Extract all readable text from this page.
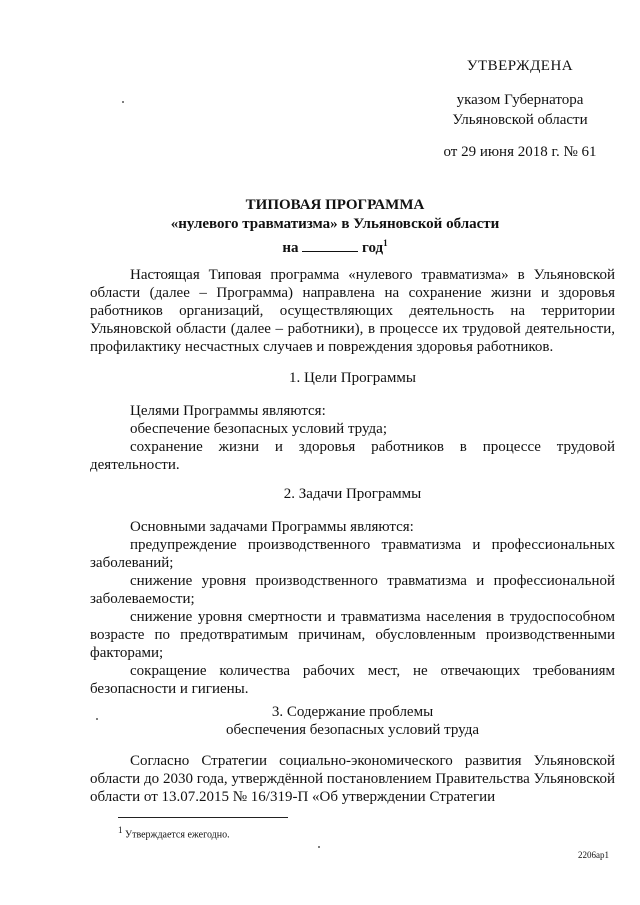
УТВЕРЖДЕНА
указом Губернатора
Ульяновской области
от 29 июня 2018 г. № 61
ТИПОВАЯ ПРОГРАММА
«нулевого травматизма» в Ульяновской области
на	год$^1$

Настоящая Типовая программа «нулевого травматизма» в Ульяновской области (далее – Программа) направлена на сохранение жизни и здоровья работников организаций, осуществляющих деятельность на территории Ульяновской области (далее – работники), в процессе их трудовой деятельности, профилактику несчастных случаев и повреждения здоровья работников.

1. Цели Программы

Целями Программы являются:

обеспечение безопасных условий труда;

сохранение жизни и здоровья работников в процессе трудовой деятельности.

2. Задачи Программы

Основными задачами Программы являются:

предупреждение производственного травматизма и профессиональных заболеваний;

снижение уровня производственного травматизма и профессиональной заболеваемости;

снижение уровня смертности и травматизма населения в трудоспособном возрасте по предотвратимым причинам, обусловленным производственными факторами;

сокращение количества рабочих мест, не отвечающих требованиям безопасности и гигиены.

3. Содержание проблемы
обеспечения безопасных условий труда

Согласно Стратегии социально-экономического развития Ульяновской области до 2030 года, утверждённой постановлением Правительства Ульяновской области от 13.07.2015 № 16/319-П «Об утверждении Стратегии

$^1$ Утверждается ежегодно.
2206ap1
